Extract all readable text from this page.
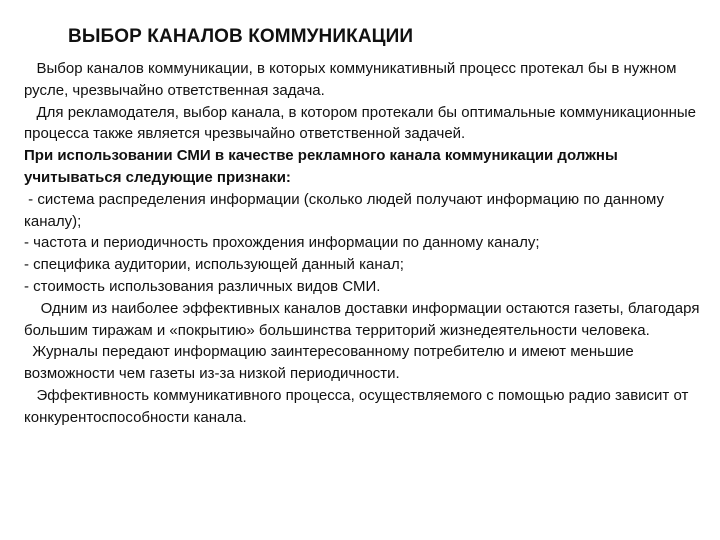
ВЫБОР КАНАЛОВ КОММУНИКАЦИИ

Выбор каналов коммуникации, в которых коммуникативный процесс протекал бы в нужном русле, чрезвычайно ответственная задача.

Для рекламодателя, выбор канала, в котором протекали бы оптимальные коммуникационные процесса также является чрезвычайно ответственной задачей.

При использовании СМИ в качестве рекламного канала коммуникации должны учитываться следующие признаки:

- система распределения информации (сколько людей получают информацию по данному каналу);

- частота и периодичность прохождения информации по данному каналу;

- специфика аудитории, использующей данный канал;

- стоимость использования различных видов СМИ.

Одним из наиболее эффективных каналов доставки информации остаются газеты, благодаря большим тиражам и «покрытию» большинства территорий жизнедеятельности человека.

Журналы передают информацию заинтересованному потребителю и имеют меньшие возможности чем газеты из-за низкой периодичности.

Эффективность коммуникативного процесса, осуществляемого с помощью радио зависит от конкурентоспособности канала.
